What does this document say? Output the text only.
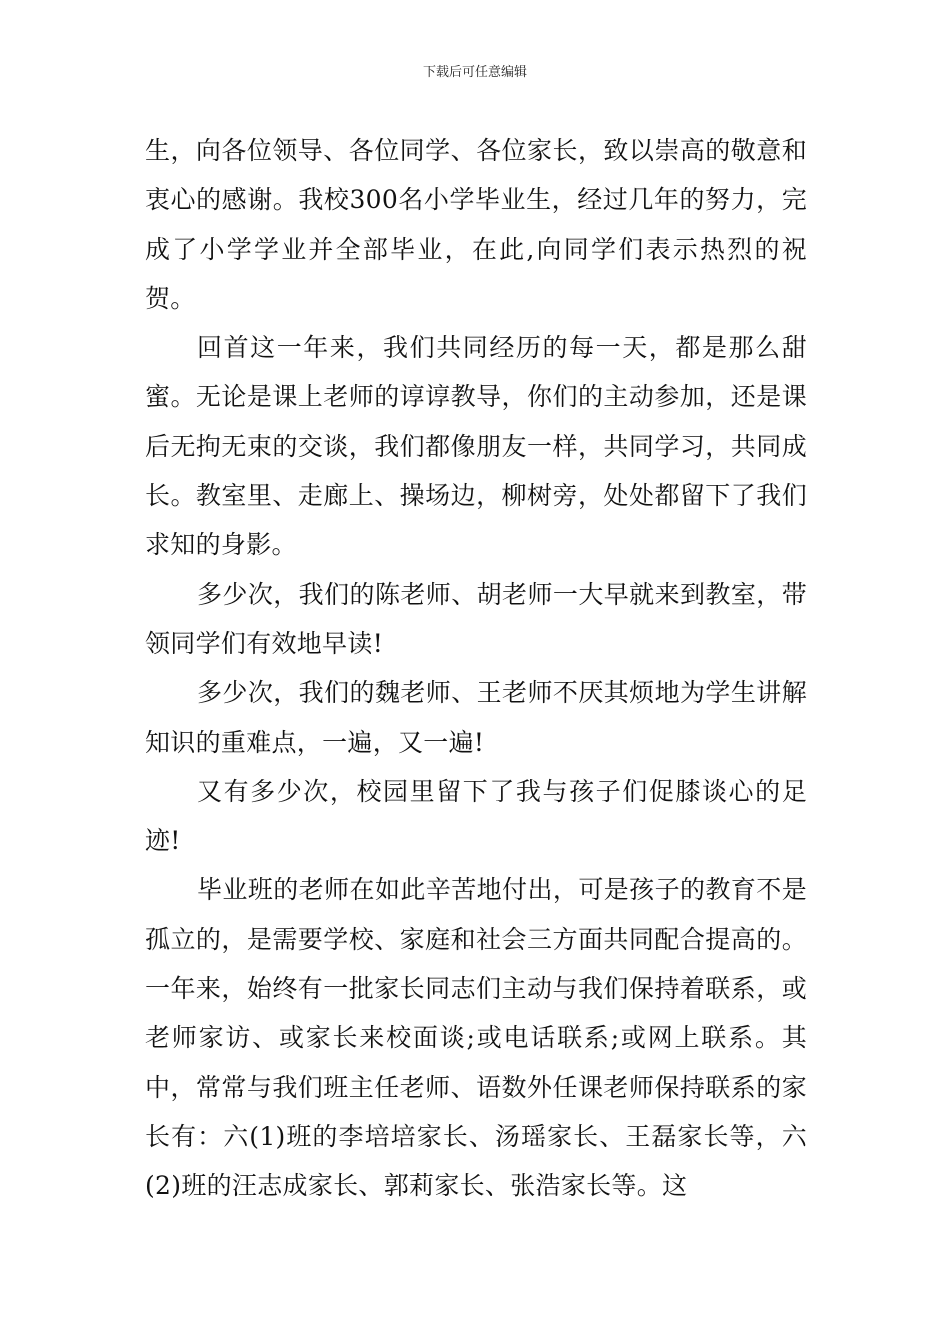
下载后可任意编辑

生，向各位领导、各位同学、各位家长，致以崇高的敬意和衷心的感谢。我校300名小学毕业生，经过几年的努力，完成了小学学业并全部毕业，在此,向同学们表示热烈的祝贺。

回首这一年来，我们共同经历的每一天，都是那么甜蜜。无论是课上老师的谆谆教导，你们的主动参加，还是课后无拘无束的交谈，我们都像朋友一样，共同学习，共同成长。教室里、走廊上、操场边，柳树旁，处处都留下了我们求知的身影。

多少次，我们的陈老师、胡老师一大早就来到教室，带领同学们有效地早读!

多少次，我们的魏老师、王老师不厌其烦地为学生讲解知识的重难点，一遍，又一遍!

又有多少次，校园里留下了我与孩子们促膝谈心的足迹!

毕业班的老师在如此辛苦地付出，可是孩子的教育不是孤立的，是需要学校、家庭和社会三方面共同配合提高的。一年来，始终有一批家长同志们主动与我们保持着联系，或老师家访、或家长来校面谈;或电话联系;或网上联系。其中，常常与我们班主任老师、语数外任课老师保持联系的家长有：六(1)班的李培培家长、汤瑶家长、王磊家长等，六(2)班的汪志成家长、郭莉家长、张浩家长等。这
